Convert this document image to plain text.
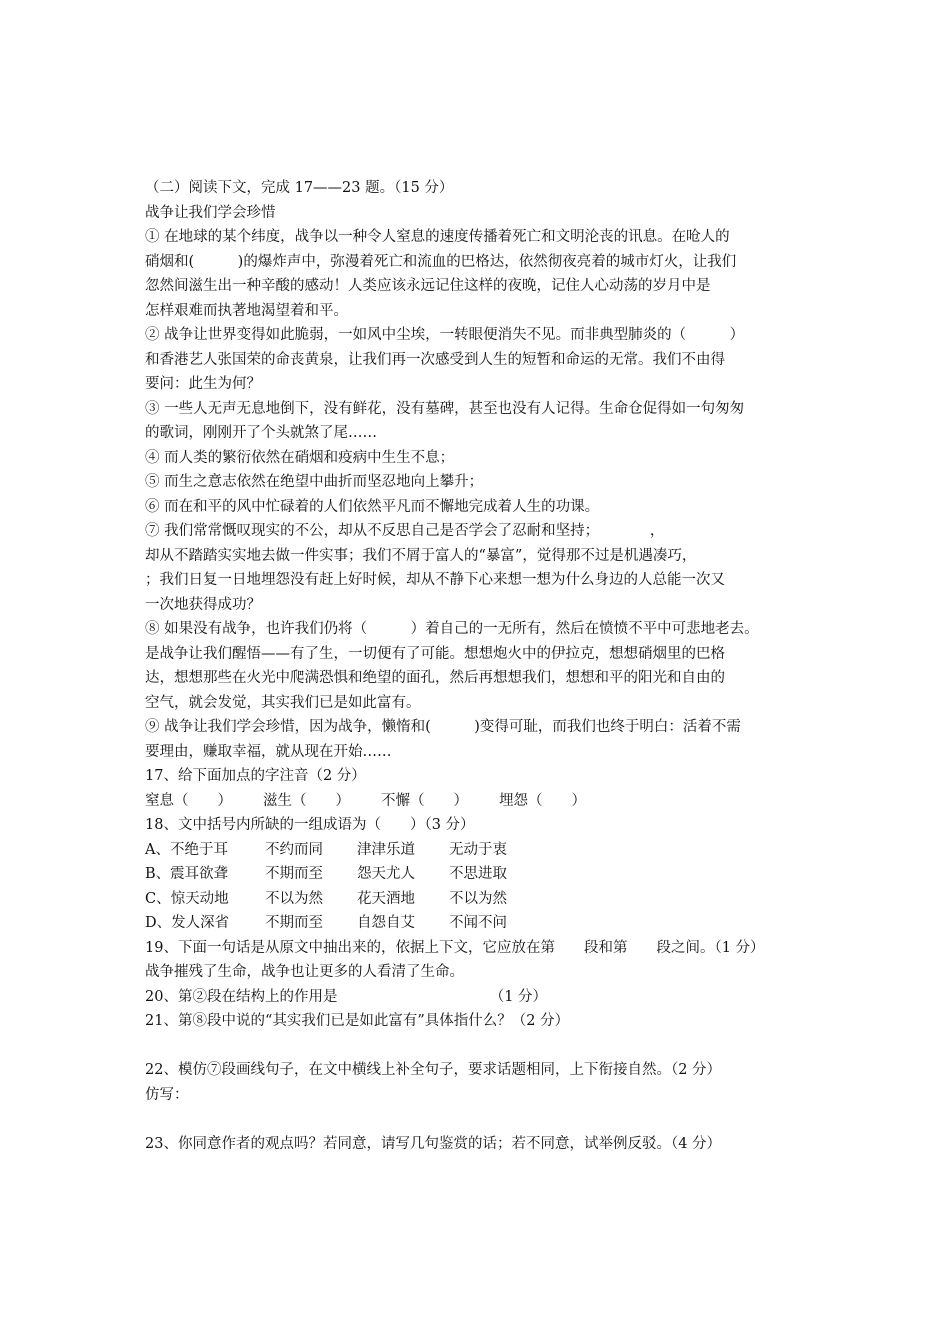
（二）阅读下文，完成 17——23 题。（15 分）
战争让我们学会珍惜
① 在地球的某个纬度，战争以一种令人窒息的速度传播着死亡和文明沦丧的讯息。在呛人的
硝烟和(　　　)的爆炸声中，弥漫着死亡和流血的巴格达，依然彻夜亮着的城市灯火，让我们
忽然间滋生出一种辛酸的感动！人类应该永远记住这样的夜晚，记住人心动荡的岁月中是
怎样艰难而执著地渴望着和平。
② 战争让世界变得如此脆弱，一如风中尘埃，一转眼便消失不见。而非典型肺炎的（　　　）
和香港艺人张国荣的命丧黄泉，让我们再一次感受到人生的短暂和命运的无常。我们不由得
要问：此生为何？
③ 一些人无声无息地倒下，没有鲜花，没有墓碑，甚至也没有人记得。生命仓促得如一句匆匆
的歌词，刚刚开了个头就煞了尾……
④ 而人类的繁衍依然在硝烟和疫病中生生不息；
⑤ 而生之意志依然在绝望中曲折而坚忍地向上攀升；
⑥ 而在和平的风中忙碌着的人们依然平凡而不懈地完成着人生的功课。
⑦ 我们常常慨叹现实的不公，却从不反思自己是否学会了忍耐和坚持；　　　　，
却从不踏踏实实地去做一件实事；我们不屑于富人的“暴富”，觉得那不过是机遇凑巧，
；我们日复一日地埋怨没有赶上好时候，却从不静下心来想一想为什么身边的人总能一次又
一次地获得成功？
⑧ 如果没有战争，也许我们仍将（　　　）着自己的一无所有，然后在愤愤不平中可悲地老去。
是战争让我们醒悟——有了生，一切便有了可能。想想炮火中的伊拉克，想想硝烟里的巴格
达，想想那些在火光中爬满恐惧和绝望的面孔，然后再想想我们，想想和平的阳光和自由的
空气，就会发觉，其实我们已是如此富有。
⑨ 战争让我们学会珍惜，因为战争，懒惰和(　　　)变得可耻，而我们也终于明白：活着不需
要理由，赚取幸福，就从现在开始……
17、给下面加点的字注音（2 分）
窒息（　　） 滋生（　　） 不懈（　　） 埋怨（　　）
18、文中括号内所缺的一组成语为（　　）（3 分）
A、不绝于耳	不约而同 津津乐道 无动于衷
B、震耳欲聋	不期而至 怨天尤人 不思进取
C、惊天动地	不以为然 花天酒地 不以为然
D、发人深省 不期而至 自怨自艾 不闻不问
19、下面一句话是从原文中抽出来的，依据上下文，它应放在第　　段和第　　段之间。（1 分）
战争摧残了生命，战争也让更多的人看清了生命。
20、第②段在结构上的作用是　　　　　　　　　　　（1 分）
21、第⑧段中说的“其实我们已是如此富有”具体指什么？（2 分）
22、模仿⑦段画线句子，在文中横线上补全句子，要求话题相同，上下衔接自然。（2 分）
仿写：
23、你同意作者的观点吗？若同意，请写几句鉴赏的话；若不同意，试举例反驳。（4 分）
